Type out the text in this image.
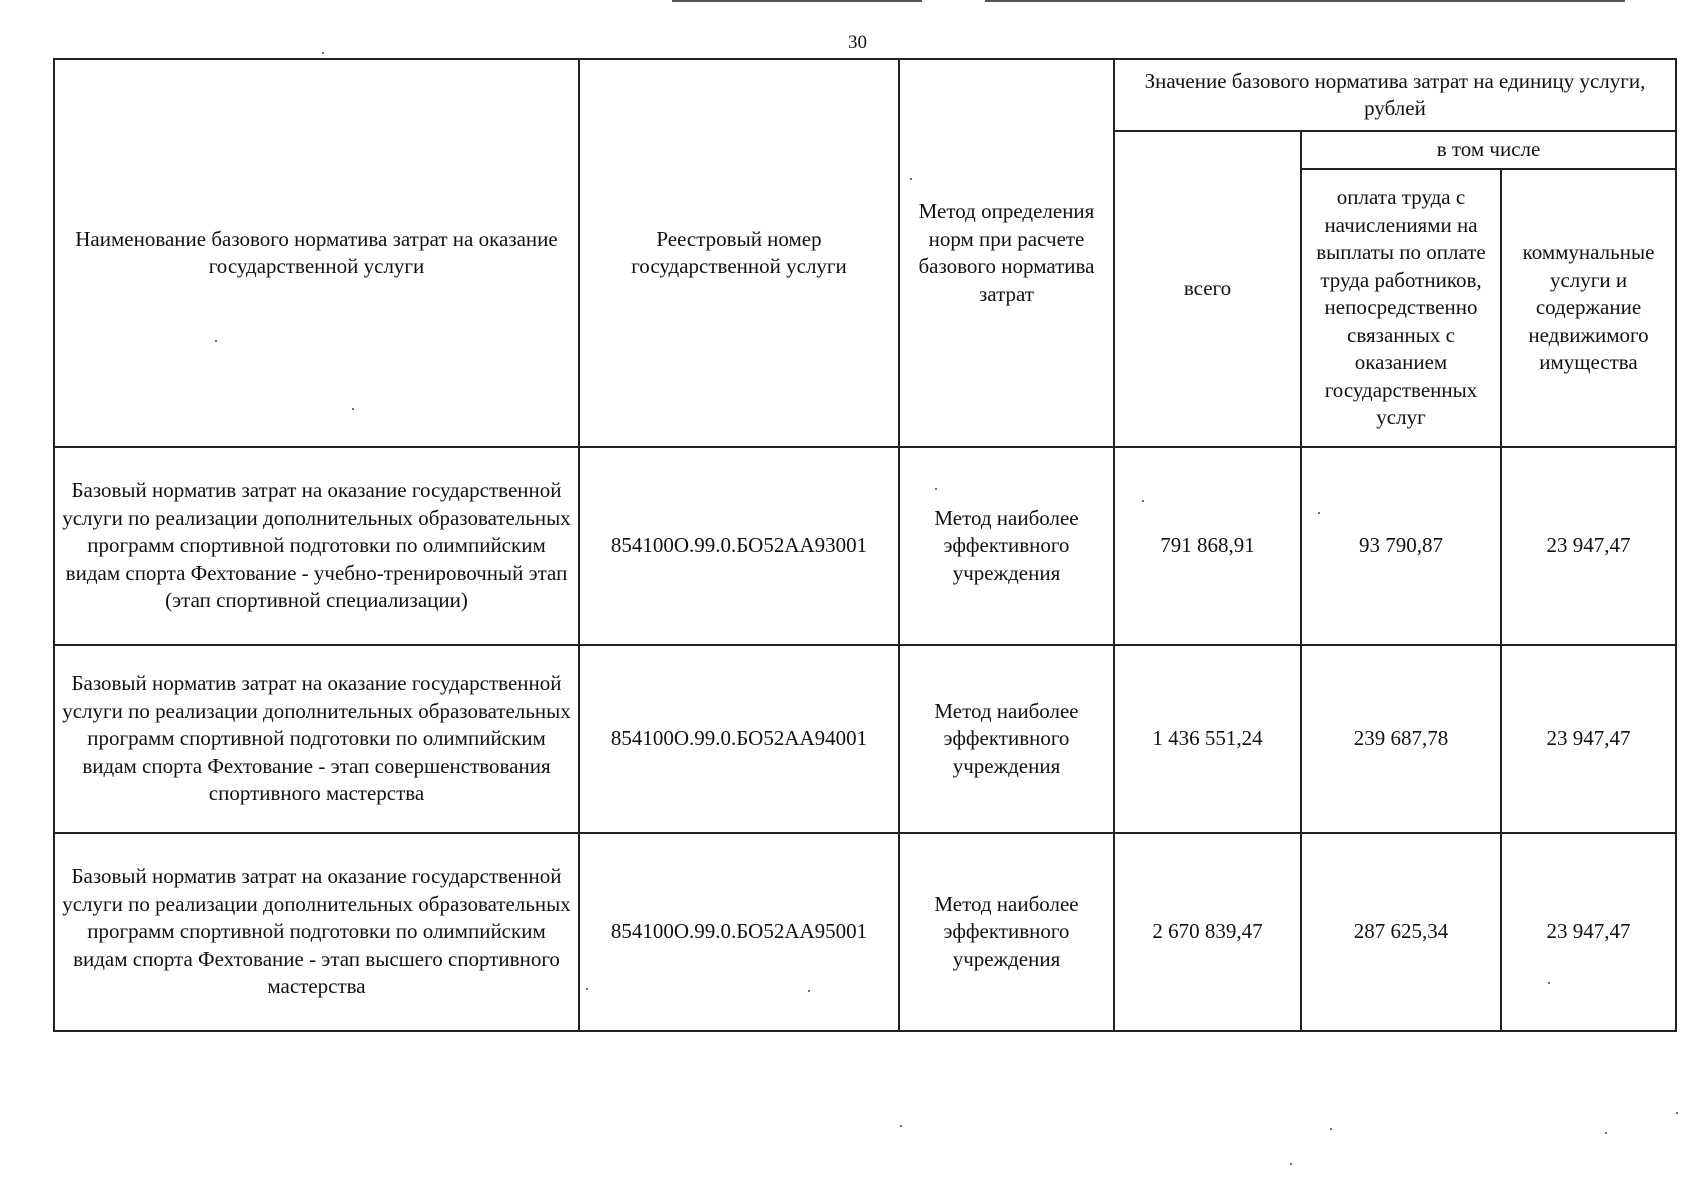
30
Наименование базового норматива затрат на оказание государственной услуги	Реестровый номер государственной услуги	Метод определения норм при расчете базового норматива затрат	Значение базового норматива затрат на единицу услуги, рублей		
			всего	в том числе	
				оплата труда с начислениями на выплаты по оплате труда работников, непосредственно связанных с оказанием государственных услуг	коммунальные услуги и содержание недвижимого имущества
Базовый норматив затрат на оказание государственной услуги по реализации дополнительных образовательных программ спортивной подготовки по олимпийским видам спорта Фехтование - учебно-тренировочный этап (этап спортивной специализации)	854100О.99.0.БО52АА93001	Метод наиболее эффективного учреждения	791 868,91	93 790,87	23 947,47
Базовый норматив затрат на оказание государственной услуги по реализации дополнительных образовательных программ спортивной подготовки по олимпийским видам спорта Фехтование - этап совершенствования спортивного мастерства	854100О.99.0.БО52АА94001	Метод наиболее эффективного учреждения	1 436 551,24	239 687,78	23 947,47
Базовый норматив затрат на оказание государственной услуги по реализации дополнительных образовательных программ спортивной подготовки по олимпийским видам спорта Фехтование - этап высшего спортивного мастерства	854100О.99.0.БО52АА95001	Метод наиболее эффективного учреждения	2 670 839,47	287 625,34	23 947,47
